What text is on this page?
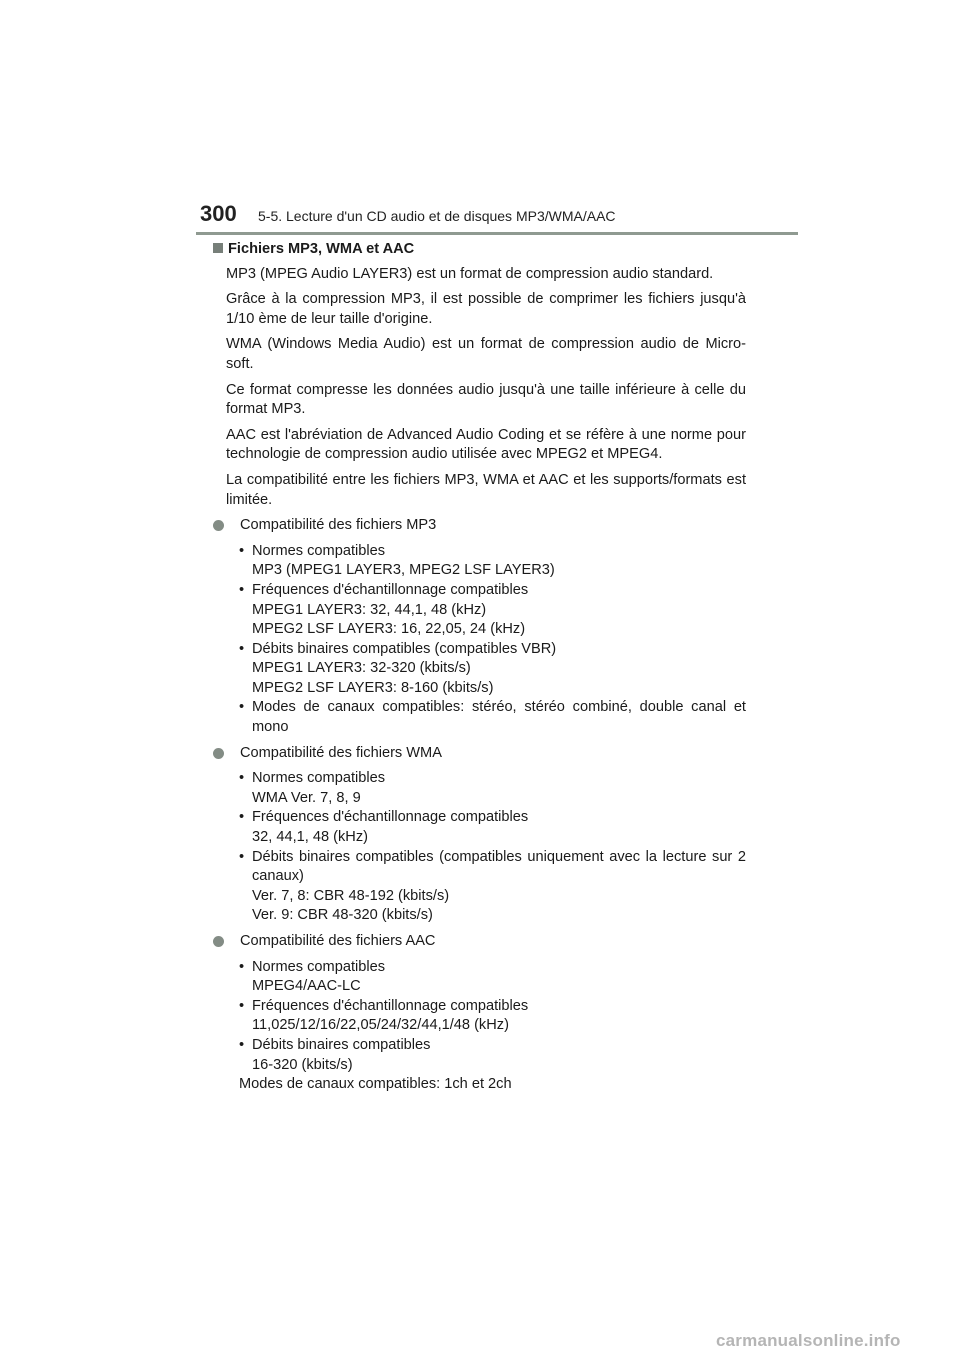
300 5-5. Lecture d'un CD audio et de disques MP3/WMA/AAC
Fichiers MP3, WMA et AAC

MP3 (MPEG Audio LAYER3) est un format de compression audio standard.

Grâce à la compression MP3, il est possible de comprimer les fichiers jusqu'à 1/10 ème de leur taille d'origine.

WMA (Windows Media Audio) est un format de compression audio de Micro-soft.

Ce format compresse les données audio jusqu'à une taille inférieure à celle du format MP3.

AAC est l'abréviation de Advanced Audio Coding et se réfère à une norme pour technologie de compression audio utilisée avec MPEG2 et MPEG4.

La compatibilité entre les fichiers MP3, WMA et AAC et les supports/formats est limitée.

Compatibilité des fichiers MP3
• Normes compatibles
MP3 (MPEG1 LAYER3, MPEG2 LSF LAYER3)
• Fréquences d'échantillonnage compatibles
MPEG1 LAYER3: 32, 44,1, 48 (kHz)
MPEG2 LSF LAYER3: 16, 22,05, 24 (kHz)
• Débits binaires compatibles (compatibles VBR)
MPEG1 LAYER3: 32-320 (kbits/s)
MPEG2 LSF LAYER3: 8-160 (kbits/s)
• Modes de canaux compatibles: stéréo, stéréo combiné, double canal et mono
Compatibilité des fichiers WMA
• Normes compatibles
WMA Ver. 7, 8, 9
• Fréquences d'échantillonnage compatibles
32, 44,1, 48 (kHz)
• Débits binaires compatibles (compatibles uniquement avec la lecture sur 2 canaux)
Ver. 7, 8: CBR 48-192 (kbits/s)
Ver. 9: CBR 48-320 (kbits/s)
Compatibilité des fichiers AAC
• Normes compatibles
MPEG4/AAC-LC
• Fréquences d'échantillonnage compatibles
11,025/12/16/22,05/24/32/44,1/48 (kHz)
• Débits binaires compatibles
16-320 (kbits/s)

Modes de canaux compatibles: 1ch et 2ch

carmanualsonline.info
